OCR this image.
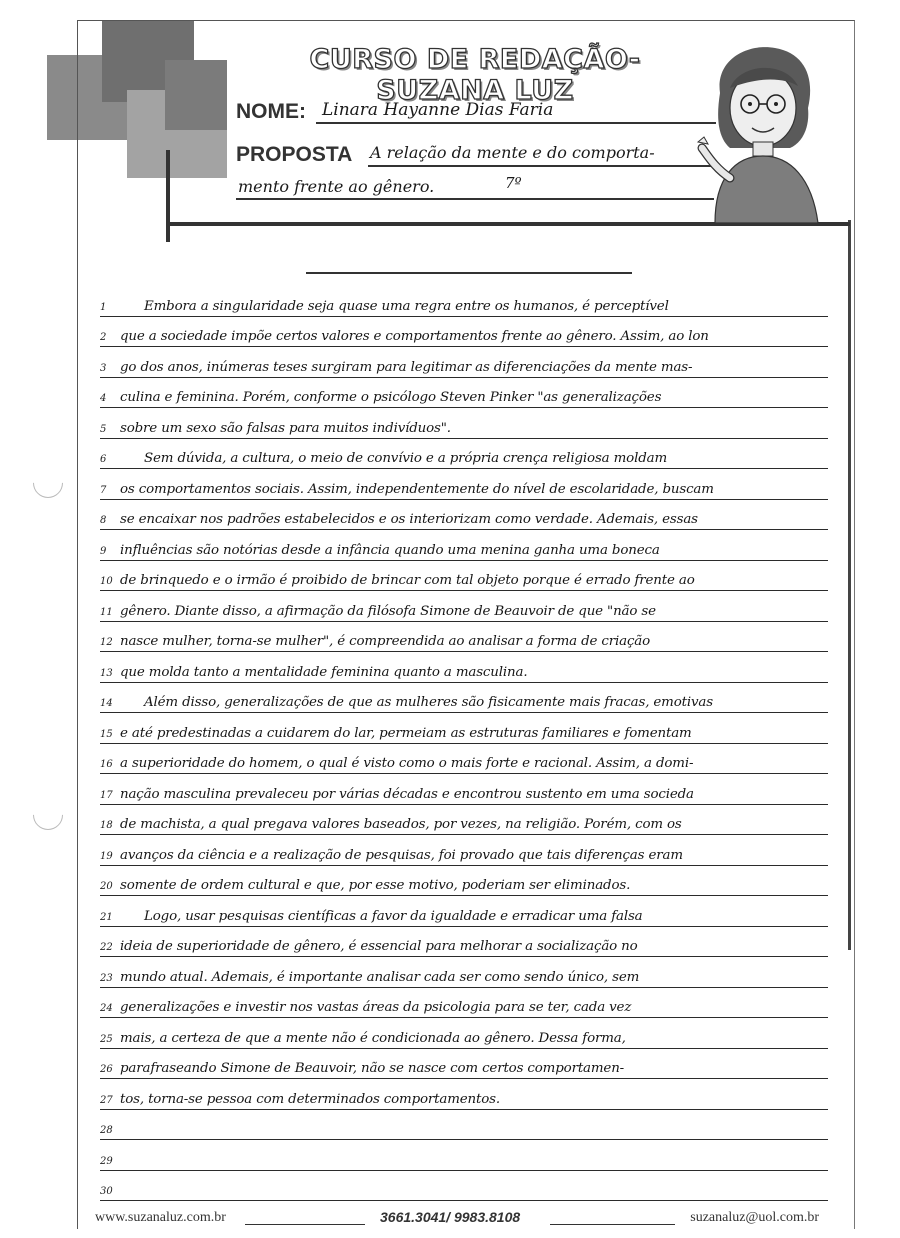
CURSO DE REDAÇÃO-SUZANA LUZ
NOME: Linara Hayanne Dias Faria
PROPOSTA A relação da mente e do comporta-
mento frente ao gênero.	7º
1	Embora a singularidade seja quase uma regra entre os humanos, é perceptível
2	que a sociedade impõe certos valores e comportamentos frente ao gênero. Assim, ao lon
3	go dos anos, inúmeras teses surgiram para legitimar as diferenciações da mente mas-
4	culina e feminina. Porém, conforme o psicólogo Steven Pinker "as generalizações
5	sobre um sexo são falsas para muitos indivíduos".
6	Sem dúvida, a cultura, o meio de convívio e a própria crença religiosa moldam
7	os comportamentos sociais. Assim, independentemente do nível de escolaridade, buscam
8	se encaixar nos padrões estabelecidos e os interiorizam como verdade. Ademais, essas
9	influências são notórias desde a infância quando uma menina ganha uma boneca
10 de brinquedo e o irmão é proibido de brincar com tal objeto porque é errado frente ao
11 gênero. Diante disso, a afirmação da filósofa Simone de Beauvoir de que "não se
12 nasce mulher, torna-se mulher", é compreendida ao analisar a forma de criação
13 que molda tanto a mentalidade feminina quanto a masculina.
14	Além disso, generalizações de que as mulheres são fisicamente mais fracas, emotivas
15 e até predestinadas a cuidarem do lar, permeiam as estruturas familiares e fomentam
16 a superioridade do homem, o qual é visto como o mais forte e racional. Assim, a domi-
17 nação masculina prevaleceu por várias décadas e encontrou sustento em uma socieda
18 de machista, a qual pregava valores baseados, por vezes, na religião. Porém, com os
19 avanços da ciência e a realização de pesquisas, foi provado que tais diferenças eram
20 somente de ordem cultural e que, por esse motivo, poderiam ser eliminados.
21	Logo, usar pesquisas científicas a favor da igualdade e erradicar uma falsa
22 ideia de superioridade de gênero, é essencial para melhorar a socialização no
23 mundo atual. Ademais, é importante analisar cada ser como sendo único, sem
24 generalizações e investir nos vastas áreas da psicologia para se ter, cada vez
25 mais, a certeza de que a mente não é condicionada ao gênero. Dessa forma,
26 parafraseando Simone de Beauvoir, não se nasce com certos comportamen-
27 tos, torna-se pessoa com determinados comportamentos.
28
29
30
www.suzanaluz.com.br	3661.3041/ 9983.8108	suzanaluz@uol.com.br
